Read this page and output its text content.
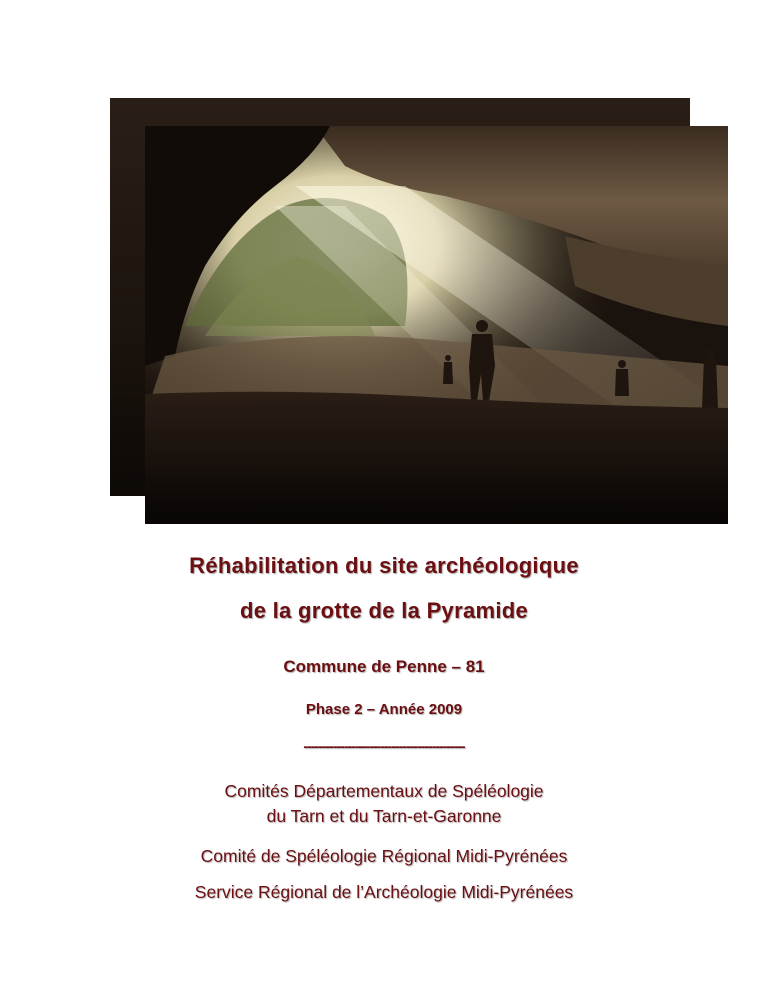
Réhabilitation du site archéologique
de la grotte de la Pyramide
Commune de Penne – 81
Phase 2 – Année 2009
--------------------------------------------
Comités Départementaux de Spéléologie
du Tarn et du Tarn-et-Garonne
Comité de Spéléologie Régional Midi-Pyrénées
Service Régional de l’Archéologie Midi-Pyrénées
